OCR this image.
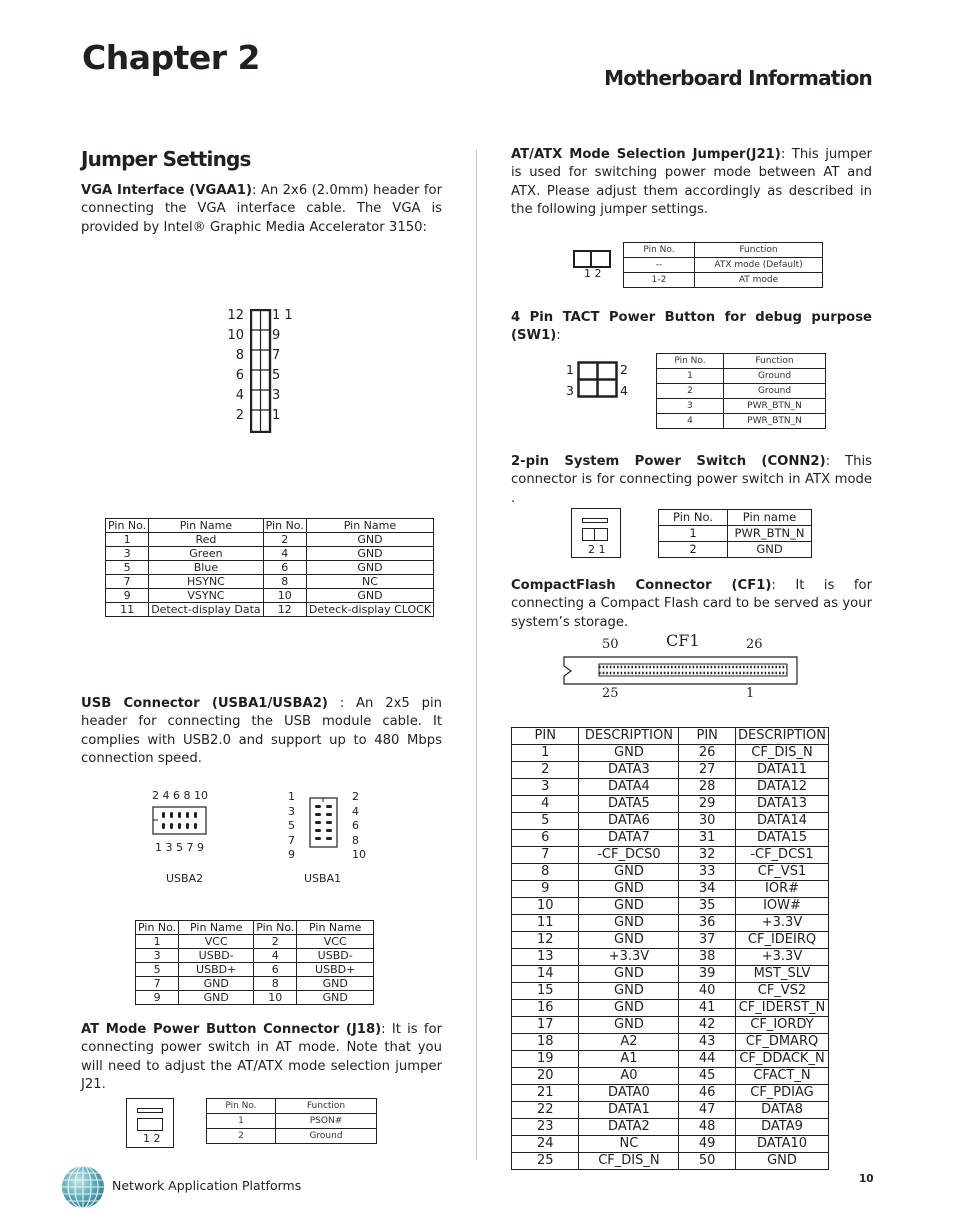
Chapter 2
Motherboard Information
Jumper Settings
VGA Interface (VGAA1): An 2x6 (2.0mm) header for connecting the VGA interface cable. The VGA is provided by Intel® Graphic Media Accelerator 3150:
12
10
8
6
4
2
1 1
9
7
5
3
1
Pin No.	Pin Name	Pin No.	Pin Name
1	Red	2	GND
3	Green	4	GND
5	Blue	6	GND
7	HSYNC	8	NC
9	VSYNC	10	GND
11	Detect-display Data	12	Deteck-display CLOCK
USB Connector (USBA1/USBA2) : An 2x5 pin header for connecting the USB module cable. It complies with USB2.0 and support up to 480 Mbps connection speed.
2 4 6 8 10
1 3 5 7 9
USBA2
1
3
5
7
9
2
4
6
8
10
USBA1
Pin No.	Pin Name	Pin No.	Pin Name
1	VCC	2	VCC
3	USBD-	4	USBD-
5	USBD+	6	USBD+
7	GND	8	GND
9	GND	10	GND
AT Mode Power Button Connector (J18): It is for connecting power switch in AT mode. Note that you will need to adjust the AT/ATX mode selection jumper J21.
1 2
Pin No.	Function
1	PSON#
2	Ground
AT/ATX Mode Selection Jumper(J21): This jumper is used for switching power mode between AT and ATX. Please adjust them accordingly as described in the following jumper settings.
1 2
Pin No.	Function
--	ATX mode (Default)
1-2	AT mode
4 Pin TACT Power Button for debug purpose (SW1):
1	2
3	4
Pin No.	Function
1	Ground
2	Ground
3	PWR_BTN_N
4	PWR_BTN_N
2-pin System Power Switch (CONN2): This connector is for connecting power switch in ATX mode .
2 1
Pin No.	Pin name
1	PWR_BTN_N
2	GND
CompactFlash Connector (CF1): It is for connecting a Compact Flash card to be served as your system’s storage.
50	CF1	26
25	1
PIN	DESCRIPTION	PIN	DESCRIPTION
1	GND	26	CF_DIS_N
2	DATA3	27	DATA11
3	DATA4	28	DATA12
4	DATA5	29	DATA13
5	DATA6	30	DATA14
6	DATA7	31	DATA15
7	-CF_DCS0	32	-CF_DCS1
8	GND	33	CF_VS1
9	GND	34	IOR#
10	GND	35	IOW#
11	GND	36	+3.3V
12	GND	37	CF_IDEIRQ
13	+3.3V	38	+3.3V
14	GND	39	MST_SLV
15	GND	40	CF_VS2
16	GND	41	CF_IDERST_N
17	GND	42	CF_IORDY
18	A2	43	CF_DMARQ
19	A1	44	CF_DDACK_N
20	A0	45	CFACT_N
21	DATA0	46	CF_PDIAG
22	DATA1	47	DATA8
23	DATA2	48	DATA9
24	NC	49	DATA10
25	CF_DIS_N	50	GND
Network Application Platforms	10
